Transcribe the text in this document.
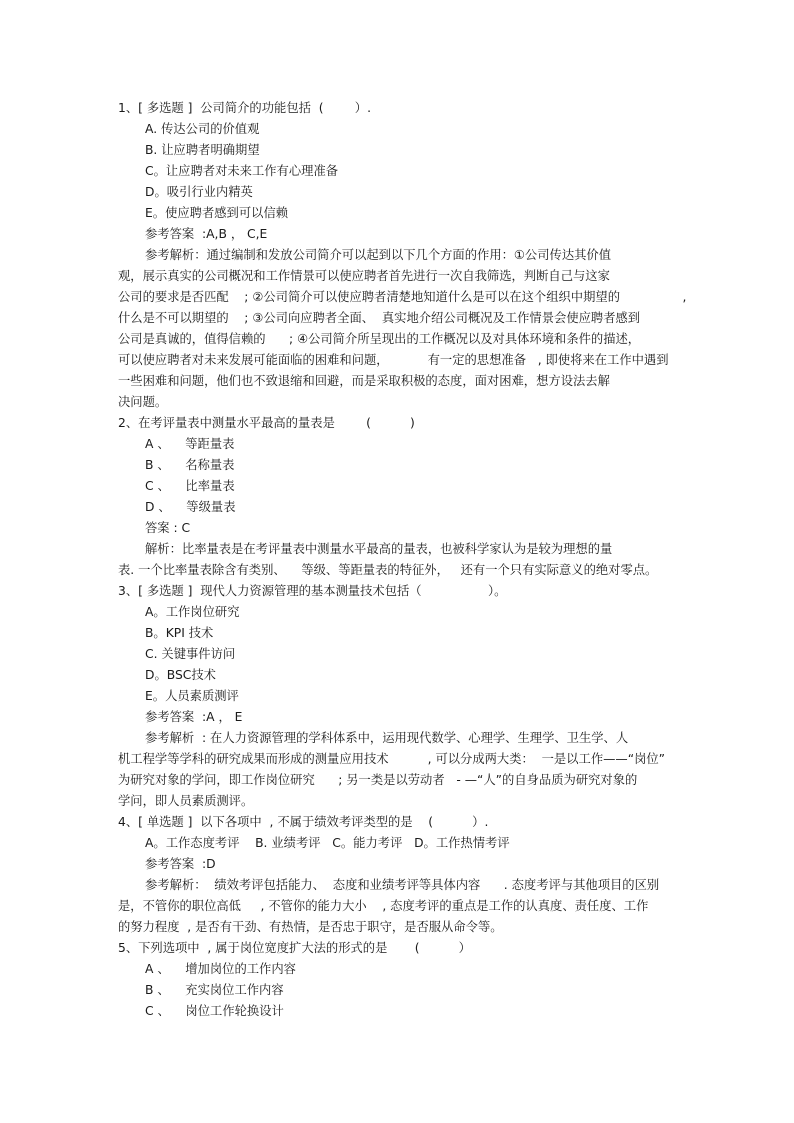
1、[ 多选题 ]  公司简介的功能包括  (        ）.
A. 传达公司的价值观
B. 让应聘者明确期望
C。让应聘者对未来工作有心理准备
D。吸引行业内精英
E。使应聘者感到可以信赖
参考答案  :A,B ， C,E
参考解析：通过编制和发放公司简介可以起到以下几个方面的作用：①公司传达其价值
观，展示真实的公司概况和工作情景可以使应聘者首先进行一次自我筛选，判断自己与这家
公司的要求是否匹配    ; ②公司简介可以使应聘者清楚地知道什么是可以在这个组织中期望的                ,
什么是不可以期望的    ; ③公司向应聘者全面、  真实地介绍公司概况及工作情景会使应聘者感到
公司是真诚的，值得信赖的      ; ④公司简介所呈现出的工作概况以及对具体环境和条件的描述，
可以使应聘者对未来发展可能面临的困难和问题，          有一定的思想准备   , 即使将来在工作中遇到
一些困难和问题，他们也不致退缩和回避，而是采取积极的态度，面对困难，想方设法去解
决问题。
2、在考评量表中测量水平最高的量表是        (          )
A 、    等距量表
B 、    名称量表
C 、    比率量表
D 、    等级量表
答案 : C
解析：比率量表是在考评量表中测量水平最高的量表，也被科学家认为是较为理想的量
表. 一个比率量表除含有类别、    等级、等距量表的特征外，   还有一个只有实际意义的绝对零点。
3、[ 多选题 ]  现代人力资源管理的基本测量技术包括（                 ）。
A。工作岗位研究
B。KPI 技术
C. 关键事件访问
D。BSC技术
E。人员素质测评
参考答案  :A ， E
参考解析  : 在人力资源管理的学科体系中，运用现代数学、心理学、生理学、卫生学、人
机工程学等学科的研究成果而形成的测量应用技术          , 可以分成两大类：  一是以工作——“岗位”
为研究对象的学问，即工作岗位研究      ; 另一类是以劳动者   - —“人”的自身品质为研究对象的
学问，即人员素质测评。
4、[ 单选题 ]  以下各项中  , 不属于绩效考评类型的是    (          ）.
A。工作态度考评    B. 业绩考评   C。能力考评   D。工作热情考评
参考答案  :D
参考解析：  绩效考评包括能力、  态度和业绩考评等具体内容      . 态度考评与其他项目的区别
是，不管你的职位高低     , 不管你的能力大小    , 态度考评的重点是工作的认真度、责任度、工作
的努力程度  , 是否有干劲、有热情，是否忠于职守，是否服从命令等。
5、下列选项中  , 属于岗位宽度扩大法的形式的是       (          ）
A 、    增加岗位的工作内容
B 、    充实岗位工作内容
C 、    岗位工作轮换设计
